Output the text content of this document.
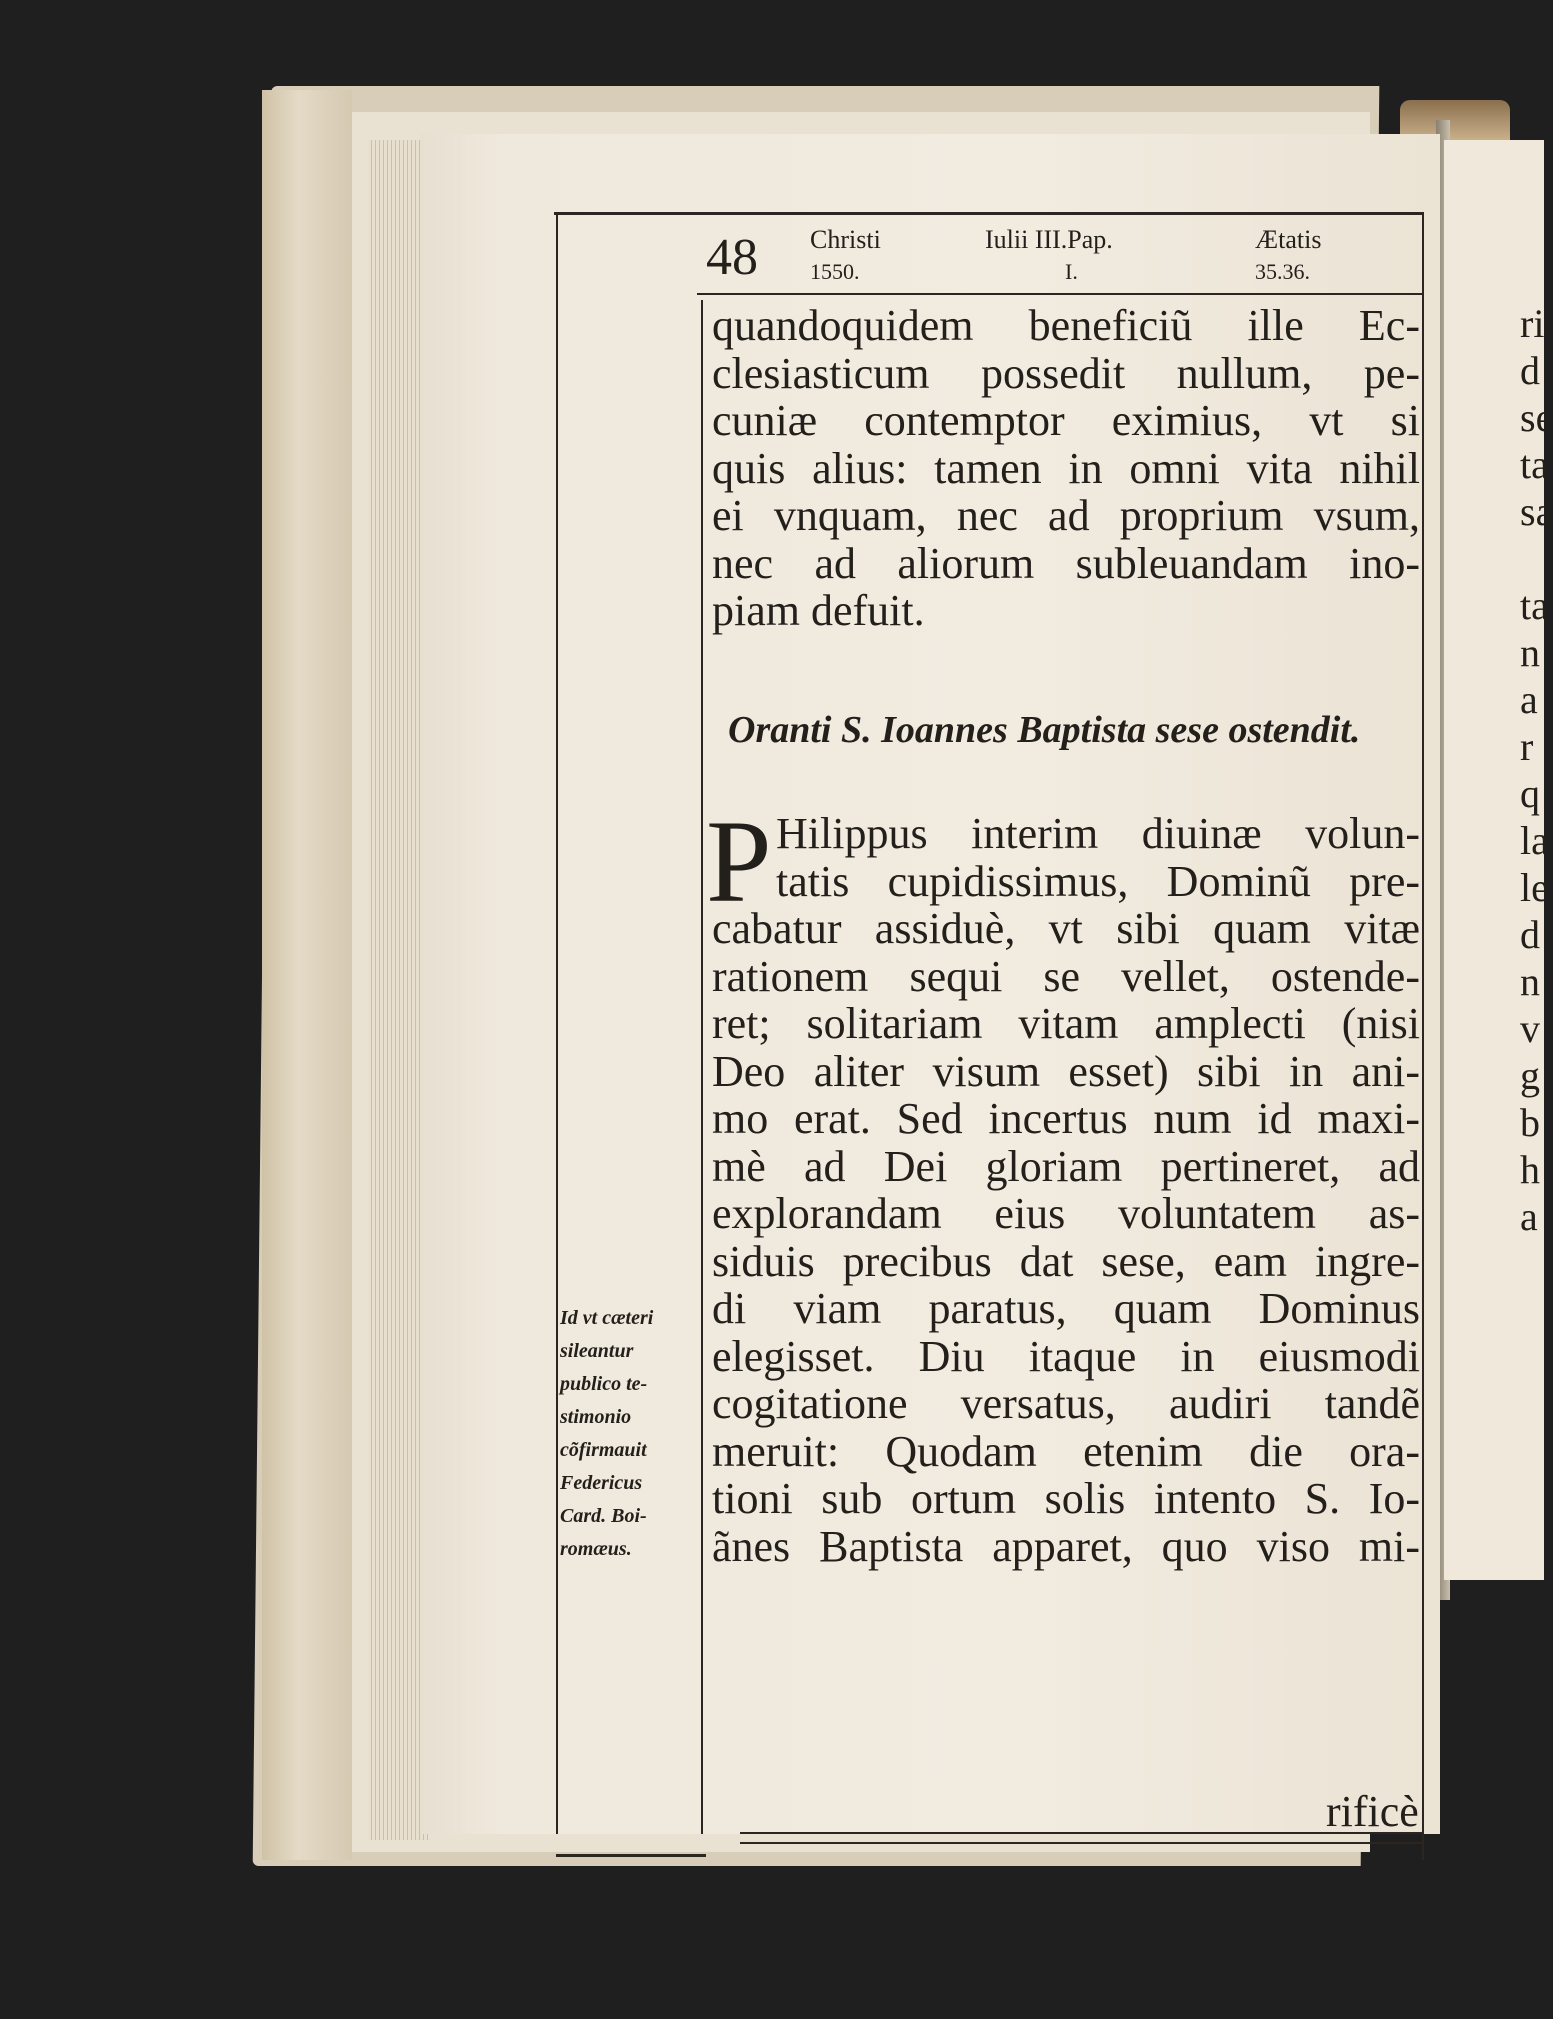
48 Christi
1550.
Iulii III.Pap.
I.
Ætatis
35.36.
quandoquidem beneficiũ ille Ec-
clesiasticum possedit nullum, pe-
cuniæ contemptor eximius, vt si
quis alius: tamen in omni vita nihil
ei vnquam, nec ad proprium vsum,
nec ad aliorum subleuandam ino-
piam defuit.
Oranti S. Ioannes Baptista sese ostendit.
P Hilippus interim diuinæ volun-
tatis cupidissimus, Dominũ pre-
cabatur assiduè, vt sibi quam vitæ
rationem sequi se vellet, ostende-
ret; solitariam vitam amplecti (nisi
Deo aliter visum esset) sibi in ani-
mo erat. Sed incertus num id maxi-
mè ad Dei gloriam pertineret, ad
explorandam eius voluntatem as-
siduis precibus dat sese, eam ingre-
di viam paratus, quam Dominus
elegisset. Diu itaque in eiusmodi
cogitatione versatus, audiri tandẽ
meruit: Quodam etenim die ora-
tioni sub ortum solis intento S. Io-
ãnes Baptista apparet, quo viso mi-
rificè
Id vt cæteri
sileantur
publico te-
stimonio
cõfirmauit
Federicus
Card. Boi-
romæus.
ri
d
se
ta
sa

ta
n
a
r
q
la
le
d
n
v
g
b
h
a
